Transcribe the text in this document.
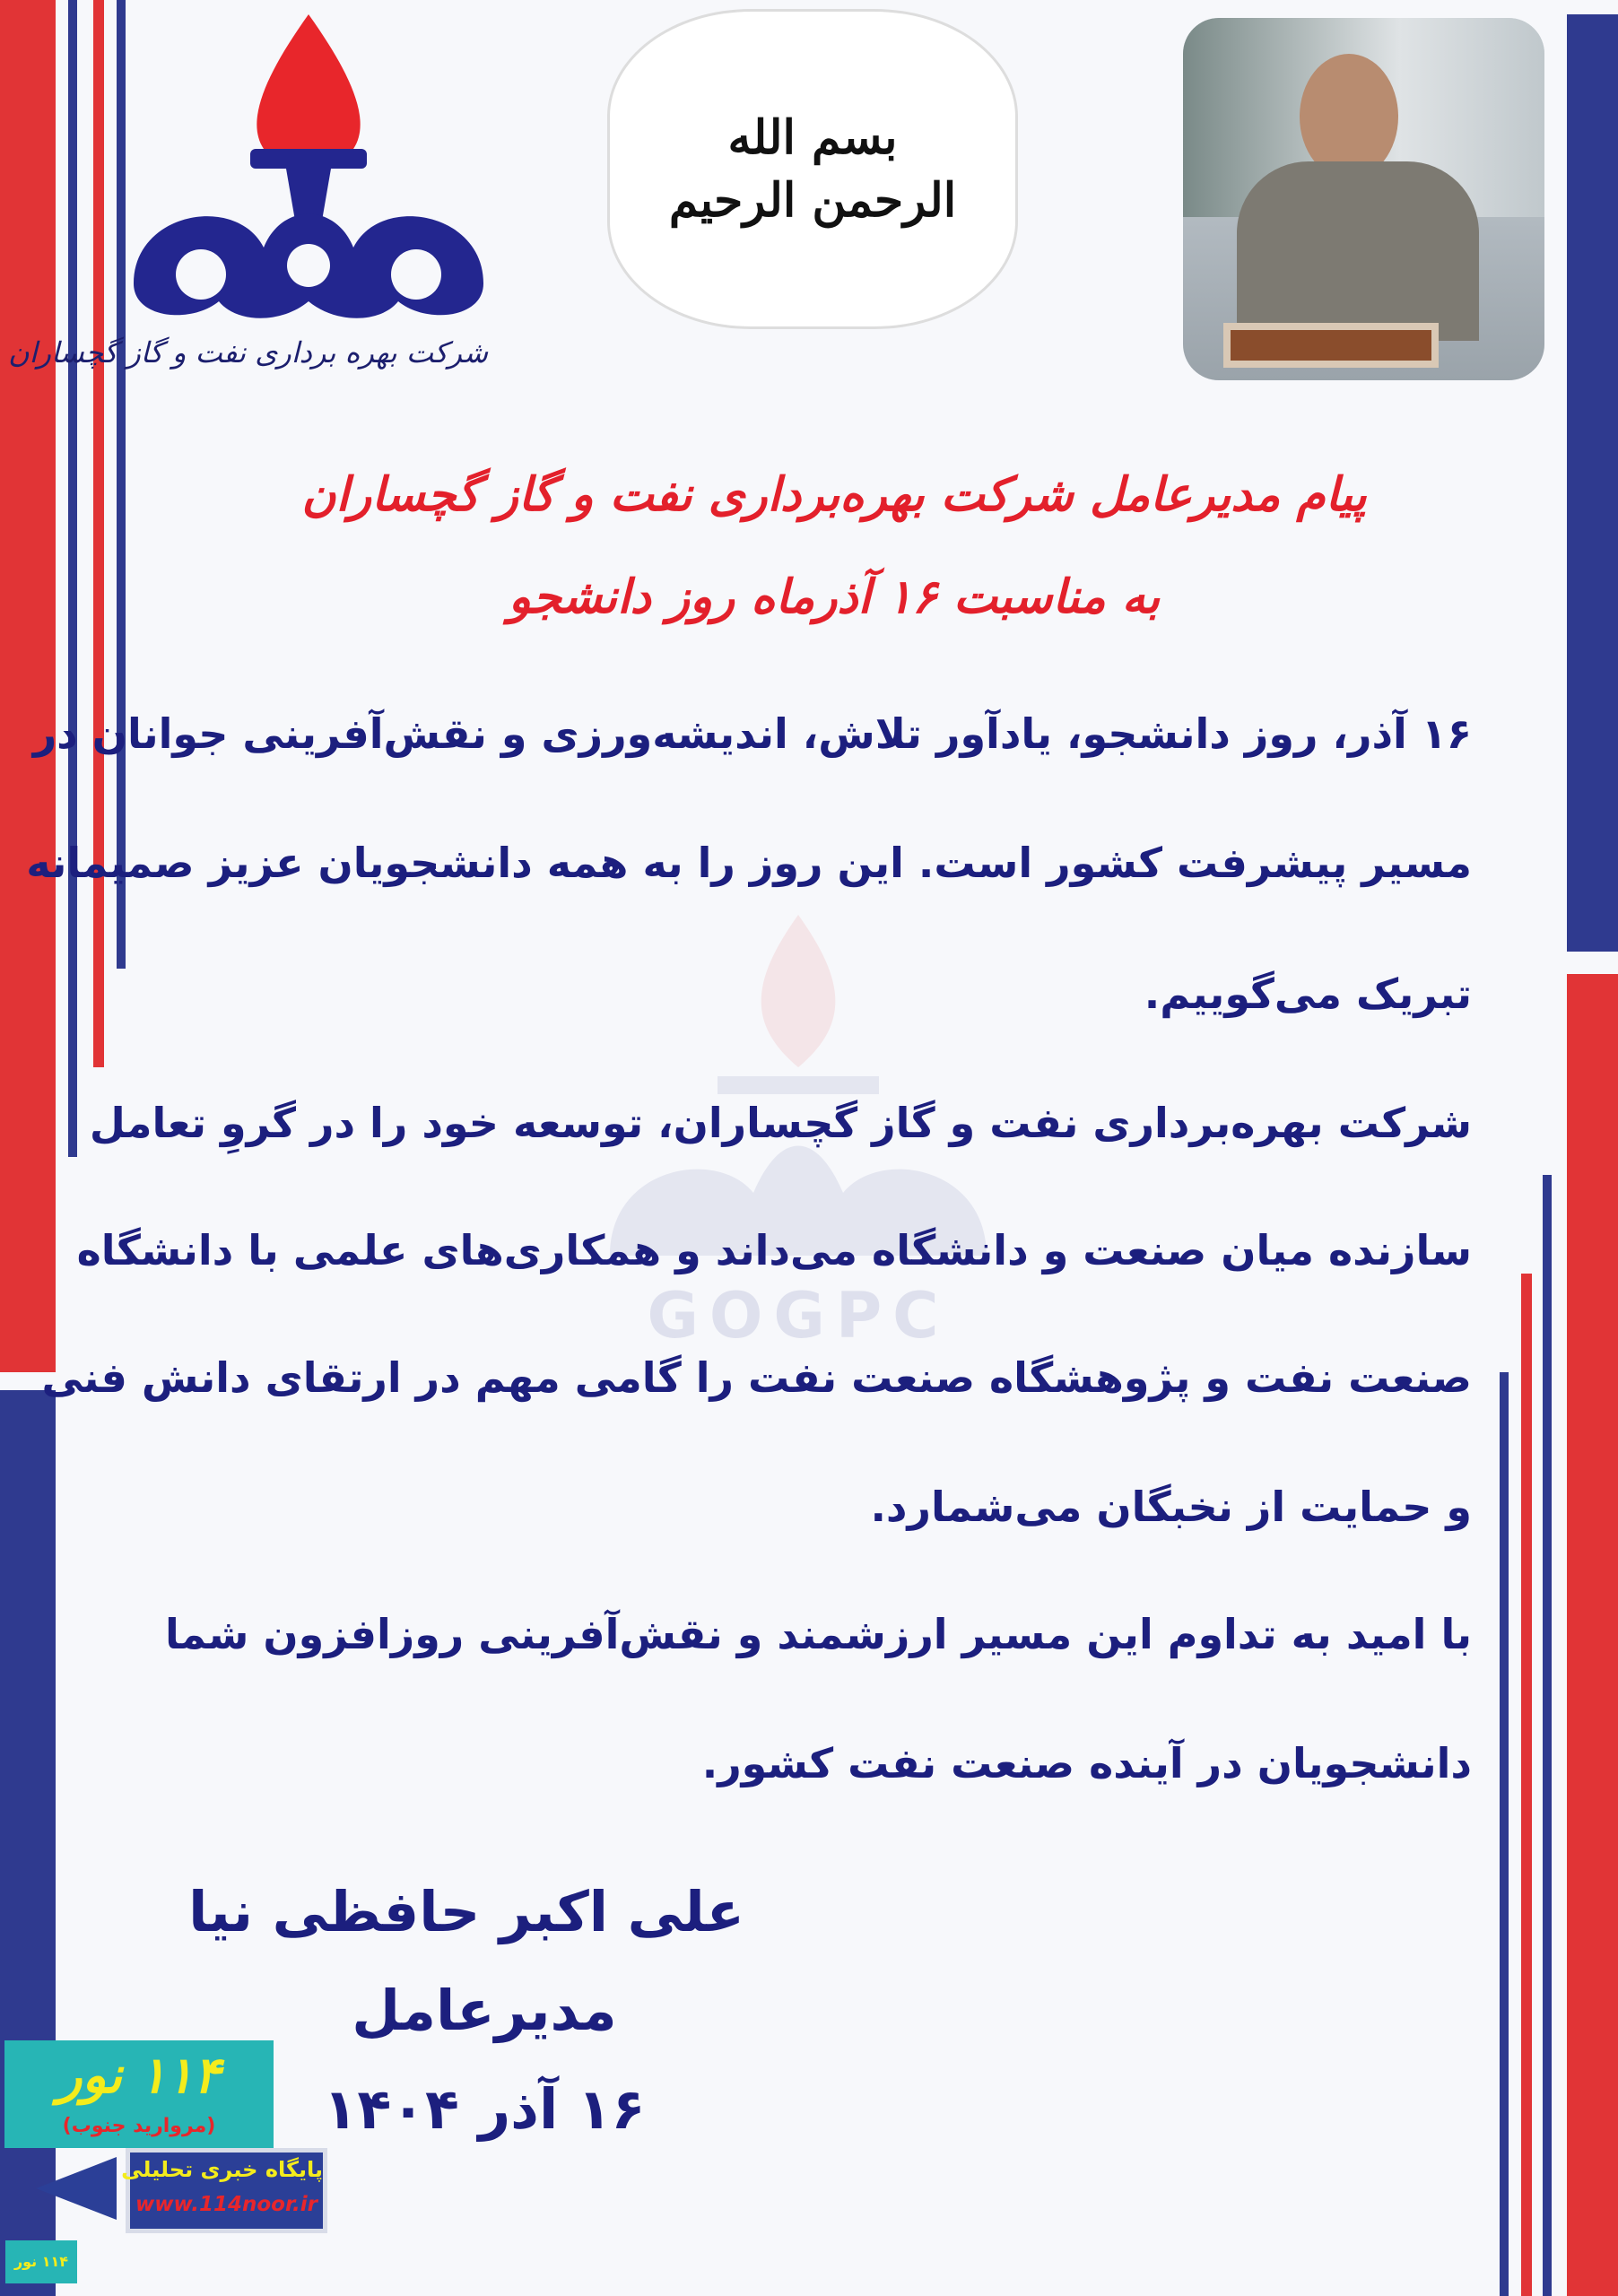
GOGPC
شرکت بهره برداری نفت و گاز گچساران
بسم الله الرحمن الرحیم
پیام مدیرعامل شرکت بهره‌برداری نفت و گاز گچساران
به مناسبت ۱۶ آذرماه روز دانشجو
۱۶ آذر، روز دانشجو، یادآور تلاش، اندیشه‌ورزی و نقش‌آفرینی جوانان در
مسیر پیشرفت کشور است. این روز را به همه دانشجویان عزیز صمیمانه
تبریک می‌گوییم.
شرکت بهره‌برداری نفت و گاز گچساران، توسعه خود را در گروِ تعامل
سازنده میان صنعت و دانشگاه می‌داند و همکاری‌های علمی با دانشگاه
صنعت نفت و پژوهشگاه صنعت نفت را گامی مهم در ارتقای دانش فنی
و حمایت از نخبگان می‌شمارد.
با امید به تداوم این مسیر ارزشمند و نقش‌آفرینی روزافزون شما
دانشجویان در آینده صنعت نفت کشور.
علی اکبر حافظی نیا
مدیرعامل
۱۶ آذر ۱۴۰۴
۱۱۴ نور
(مروارید جنوب)
پایگاه خبری تحلیلی
www.114noor.ir
۱۱۴ نور
